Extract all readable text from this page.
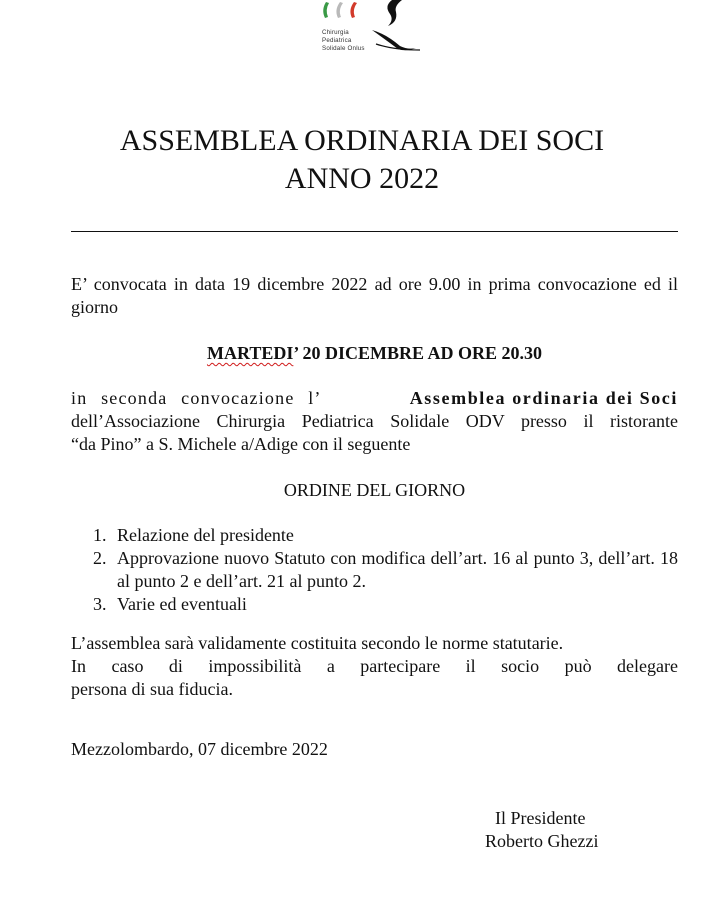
Chirurgia
Pediatrica
Solidale Onlus
ASSEMBLEA ORDINARIA DEI SOCI
ANNO 2022
E’ convocata in data 19 dicembre 2022 ad ore 9.00 in prima convocazione ed il giorno
MARTEDI’ 20 DICEMBRE AD ORE 20.30
in seconda convocazione l’	Assemblea ordinaria dei Soci
dell’Associazione Chirurgia Pediatrica Solidale ODV presso il ristorante
“da Pino” a S. Michele a/Adige con il seguente
ORDINE DEL GIORNO
1. Relazione del presidente
2. Approvazione nuovo Statuto con modifica dell’art. 16 al punto 3, dell’art. 18 al punto 2 e dell’art. 21 al punto 2.
3. Varie ed eventuali
L’assemblea sarà validamente costituita secondo le norme statutarie.
In caso di impossibilità a partecipare il socio può delegare
persona di sua fiducia.
Mezzolombardo, 07 dicembre 2022
Il Presidente
Roberto Ghezzi
